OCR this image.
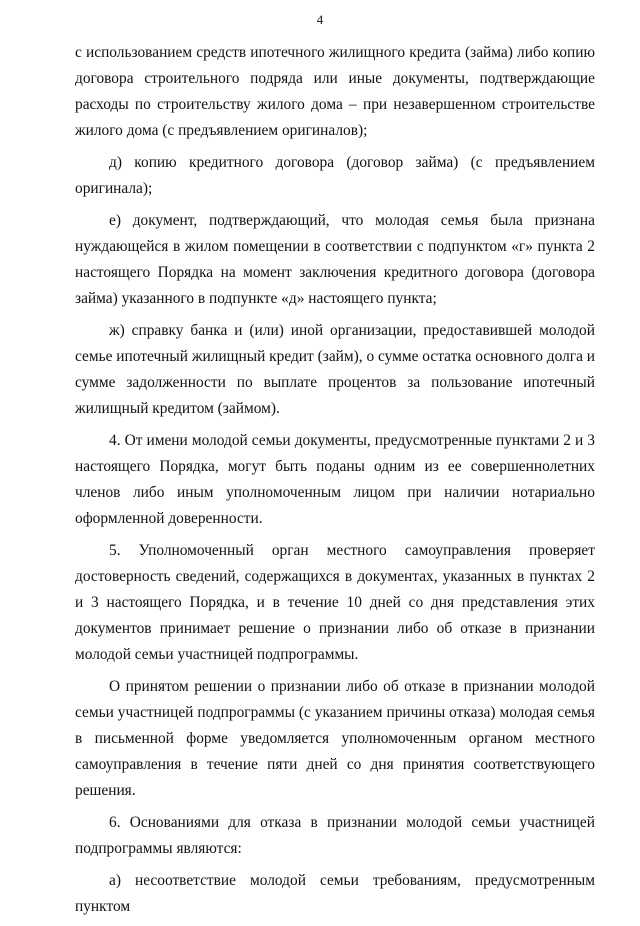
4

с использованием средств ипотечного жилищного кредита (займа) либо копию договора строительного подряда или иные документы, подтверждающие расходы по строительству жилого дома – при незавершенном строительстве жилого дома (с предъявлением оригиналов);

д) копию кредитного договора (договор займа) (с предъявлением оригинала);

е) документ, подтверждающий, что молодая семья была признана нуждающейся в жилом помещении в соответствии с подпунктом «г» пункта 2 настоящего Порядка на момент заключения кредитного договора (договора займа) указанного в подпункте «д» настоящего пункта;

ж) справку банка и (или) иной организации, предоставившей молодой семье ипотечный жилищный кредит (займ), о сумме остатка основного долга и сумме задолженности по выплате процентов за пользование ипотечный жилищный кредитом (займом).

4. От имени молодой семьи документы, предусмотренные пунктами 2 и 3 настоящего Порядка, могут быть поданы одним из ее совершеннолетних членов либо иным уполномоченным лицом при наличии нотариально оформленной доверенности.

5. Уполномоченный орган местного самоуправления проверяет достоверность сведений, содержащихся в документах, указанных в пунктах 2 и 3 настоящего Порядка, и в течение 10 дней со дня представления этих документов принимает решение о признании либо об отказе в признании молодой семьи участницей подпрограммы.

О принятом решении о признании либо об отказе в признании молодой семьи участницей подпрограммы (с указанием причины отказа) молодая семья в письменной форме уведомляется уполномоченным органом местного самоуправления в течение пяти дней со дня принятия соответствующего решения.

6. Основаниями для отказа в признании молодой семьи участницей подпрограммы являются:

а) несоответствие молодой семьи требованиям, предусмотренным пунктом
